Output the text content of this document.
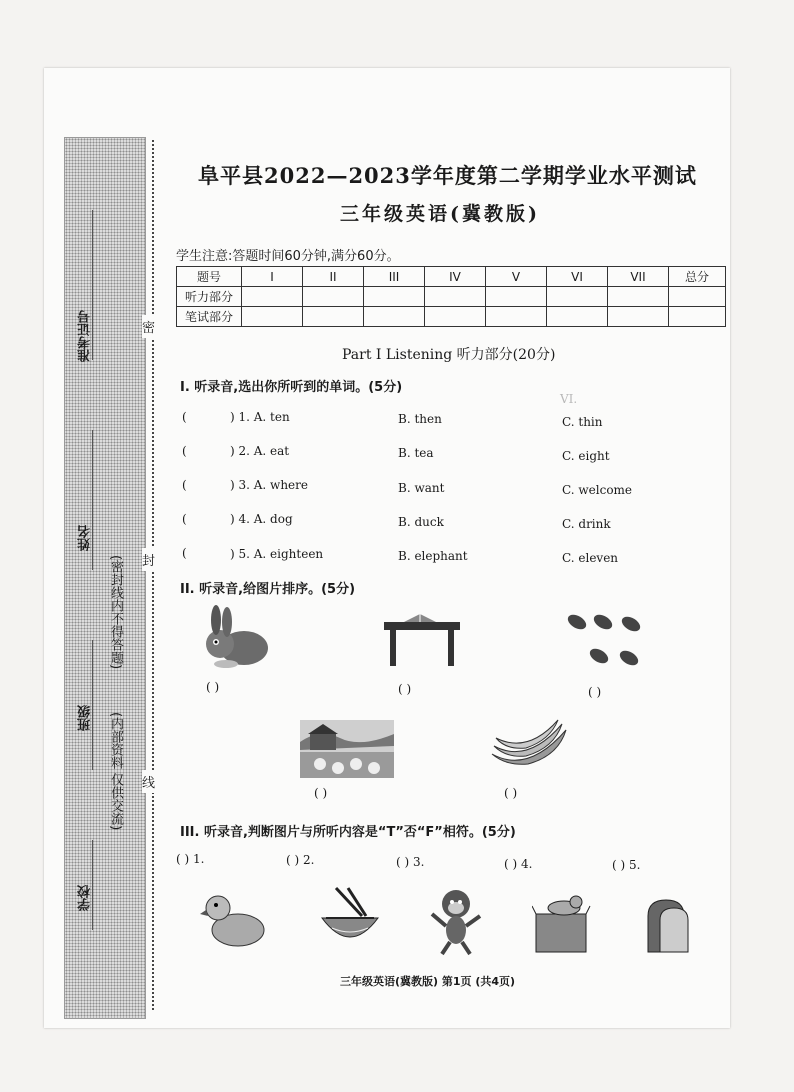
VI.
准考证号
姓名
班级
学校
(密封线内不得答题)
(内部资料 仅供交流)
密
封
线
阜平县2022—2023学年度第二学期学业水平测试
三年级英语(冀教版)
学生注意:答题时间60分钟,满分60分。
题号	I	II	III	IV	V	VI	VII	总分
听力部分								
笔试部分								
Part I Listening 听力部分(20分)
I. 听录音,选出你所听到的单词。(5分)
(	) 1. A. ten	B. then	C. thin
(	) 2. A. eat	B. tea	C. eight
(	) 3. A. where	B. want	C. welcome
(	) 4. A. dog	B. duck	C. drink
(	) 5. A. eighteen	B. elephant	C. eleven
II. 听录音,给图片排序。(5分)
( )	( )	( )
( )	( )
III. 听录音,判断图片与所听内容是“T”否“F”相符。(5分)
( ) 1.	( ) 2.	( ) 3.	( ) 4.	( ) 5.
三年级英语(冀教版) 第1页 (共4页)
